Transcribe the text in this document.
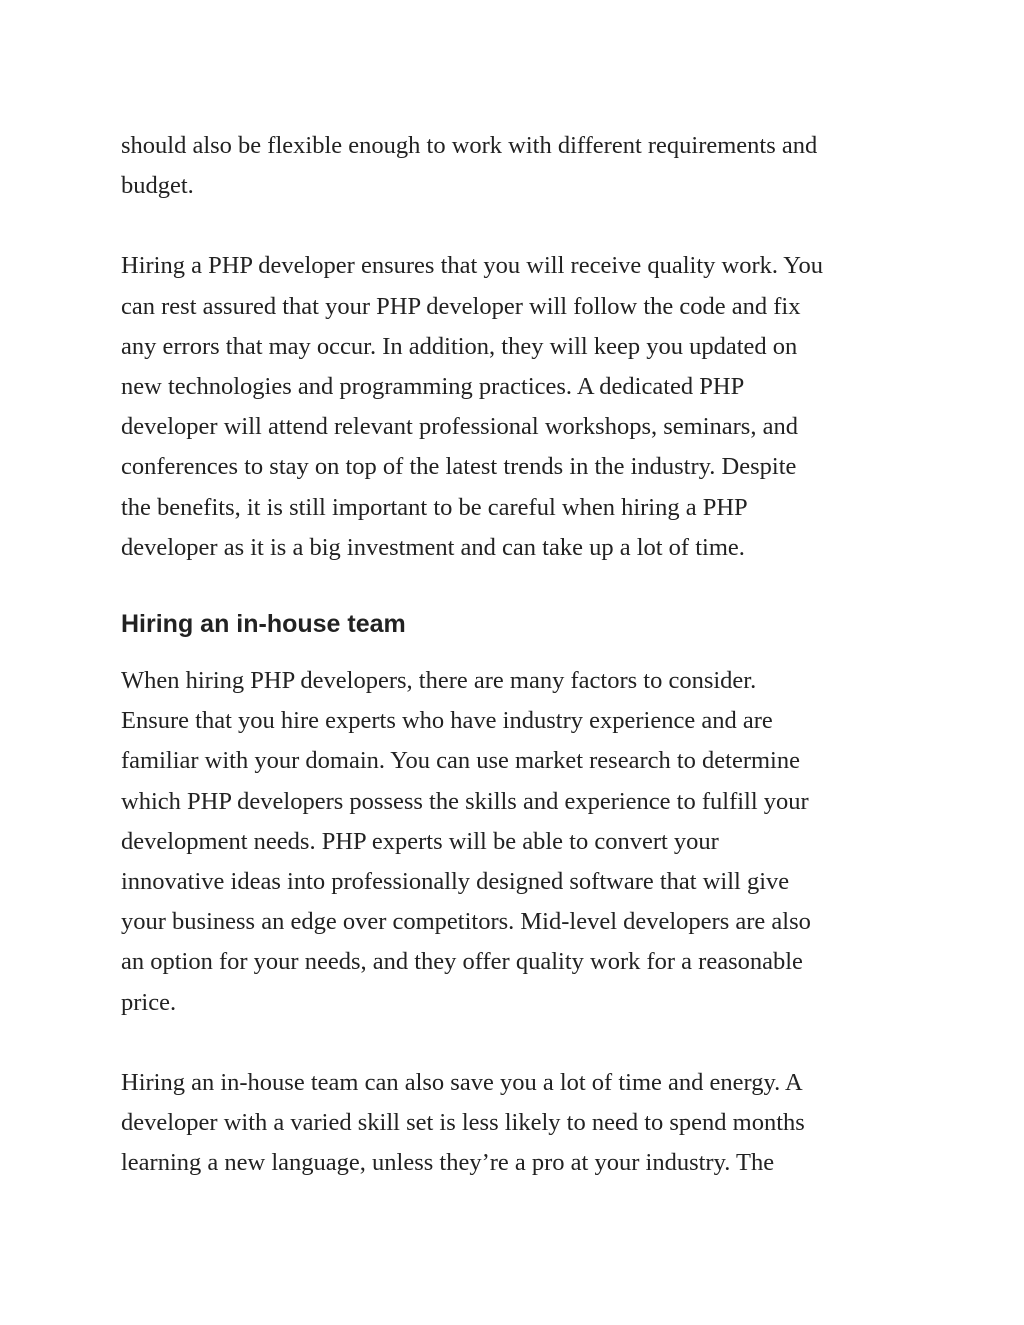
should also be flexible enough to work with different requirements and
budget.
Hiring a PHP developer ensures that you will receive quality work. You
can rest assured that your PHP developer will follow the code and fix
any errors that may occur. In addition, they will keep you updated on
new technologies and programming practices. A dedicated PHP
developer will attend relevant professional workshops, seminars, and
conferences to stay on top of the latest trends in the industry. Despite
the benefits, it is still important to be careful when hiring a PHP
developer as it is a big investment and can take up a lot of time.
Hiring an in-house team
When hiring PHP developers, there are many factors to consider.
Ensure that you hire experts who have industry experience and are
familiar with your domain. You can use market research to determine
which PHP developers possess the skills and experience to fulfill your
development needs. PHP experts will be able to convert your
innovative ideas into professionally designed software that will give
your business an edge over competitors. Mid-level developers are also
an option for your needs, and they offer quality work for a reasonable
price.
Hiring an in-house team can also save you a lot of time and energy. A
developer with a varied skill set is less likely to need to spend months
learning a new language, unless they’re a pro at your industry. The
